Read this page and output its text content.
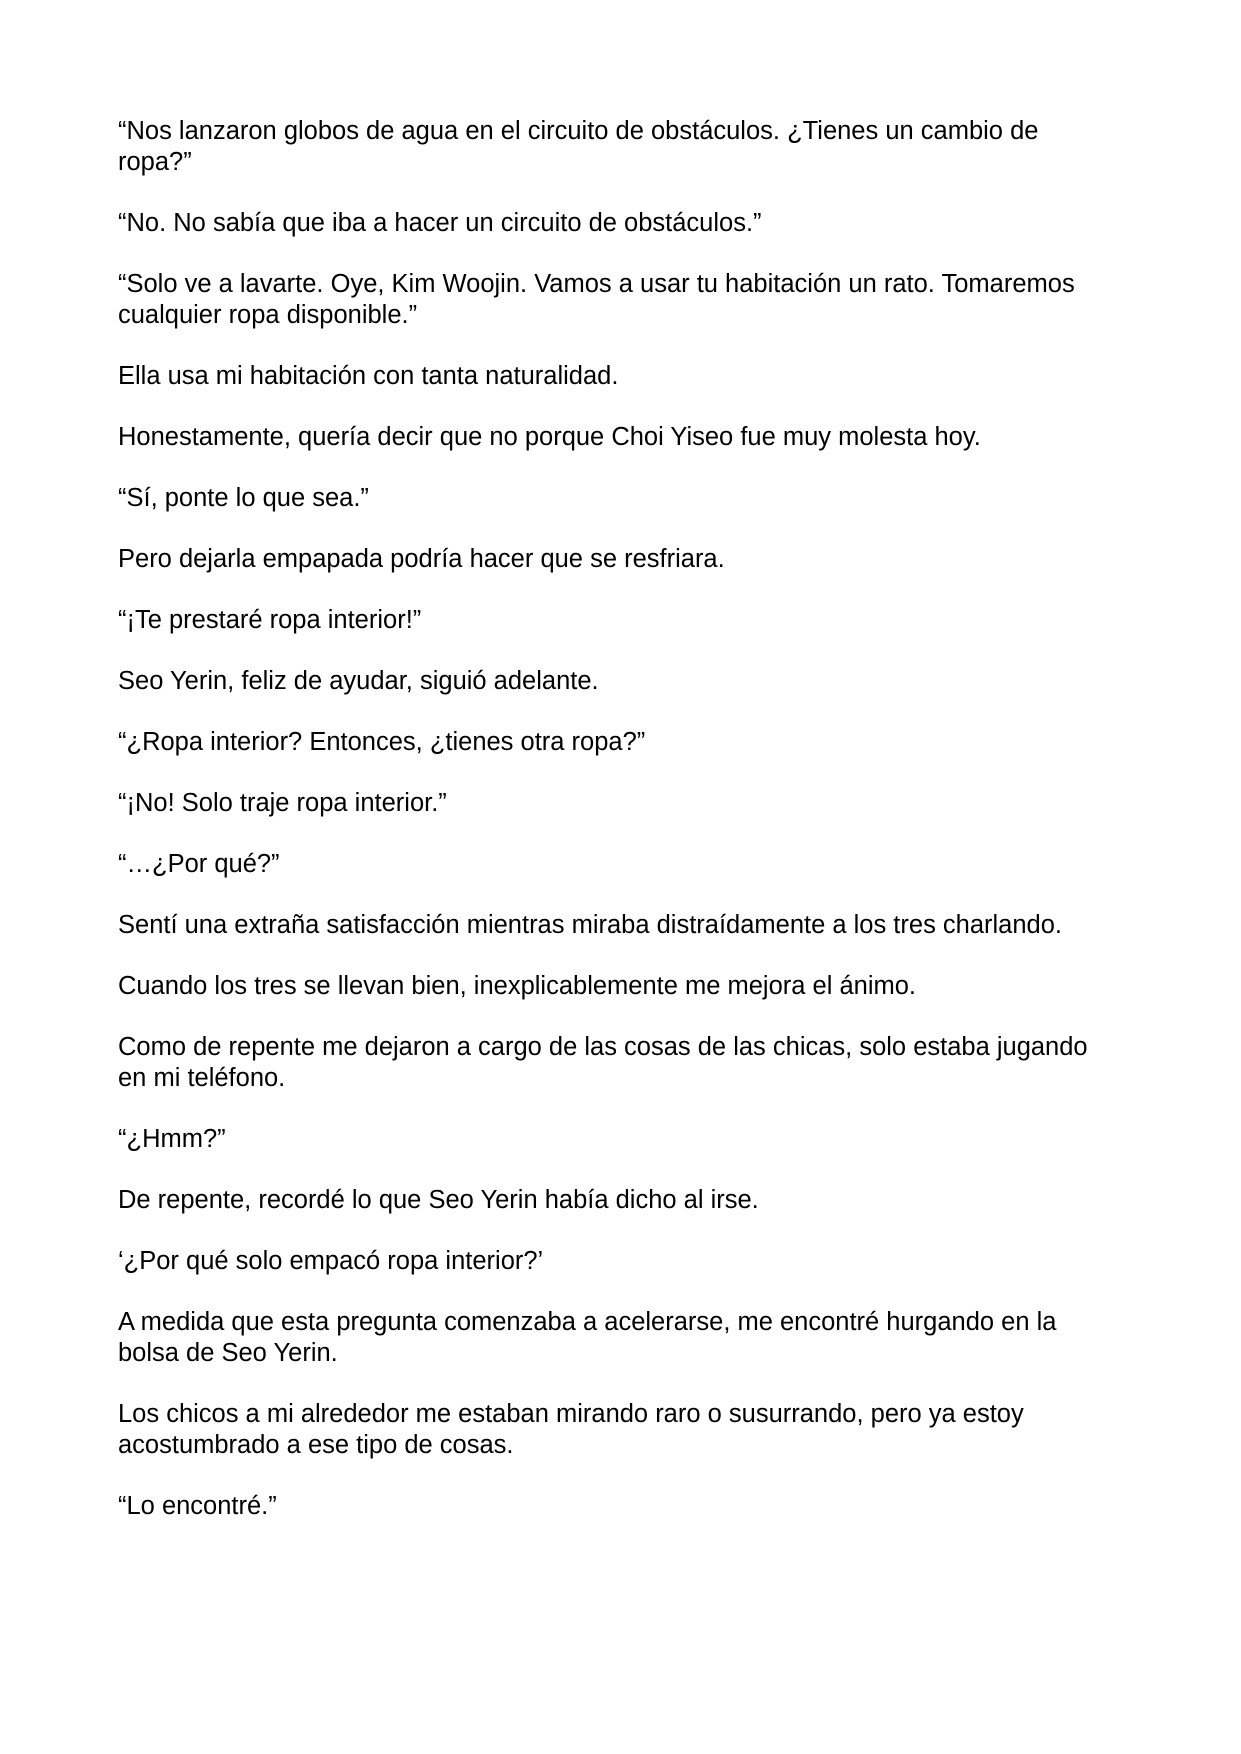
“Nos lanzaron globos de agua en el circuito de obstáculos. ¿Tienes un cambio de ropa?”

“No. No sabía que iba a hacer un circuito de obstáculos.”

“Solo ve a lavarte. Oye, Kim Woojin. Vamos a usar tu habitación un rato. Tomaremos cualquier ropa disponible.”

Ella usa mi habitación con tanta naturalidad.

Honestamente, quería decir que no porque Choi Yiseo fue muy molesta hoy.

“Sí, ponte lo que sea.”

Pero dejarla empapada podría hacer que se resfriara.

“¡Te prestaré ropa interior!”

Seo Yerin, feliz de ayudar, siguió adelante.

“¿Ropa interior? Entonces, ¿tienes otra ropa?”

“¡No! Solo traje ropa interior.”

“…¿Por qué?”

Sentí una extraña satisfacción mientras miraba distraídamente a los tres charlando.

Cuando los tres se llevan bien, inexplicablemente me mejora el ánimo.

Como de repente me dejaron a cargo de las cosas de las chicas, solo estaba jugando en mi teléfono.

“¿Hmm?”

De repente, recordé lo que Seo Yerin había dicho al irse.

‘¿Por qué solo empacó ropa interior?’

A medida que esta pregunta comenzaba a acelerarse, me encontré hurgando en la bolsa de Seo Yerin.

Los chicos a mi alrededor me estaban mirando raro o susurrando, pero ya estoy acostumbrado a ese tipo de cosas.

“Lo encontré.”
